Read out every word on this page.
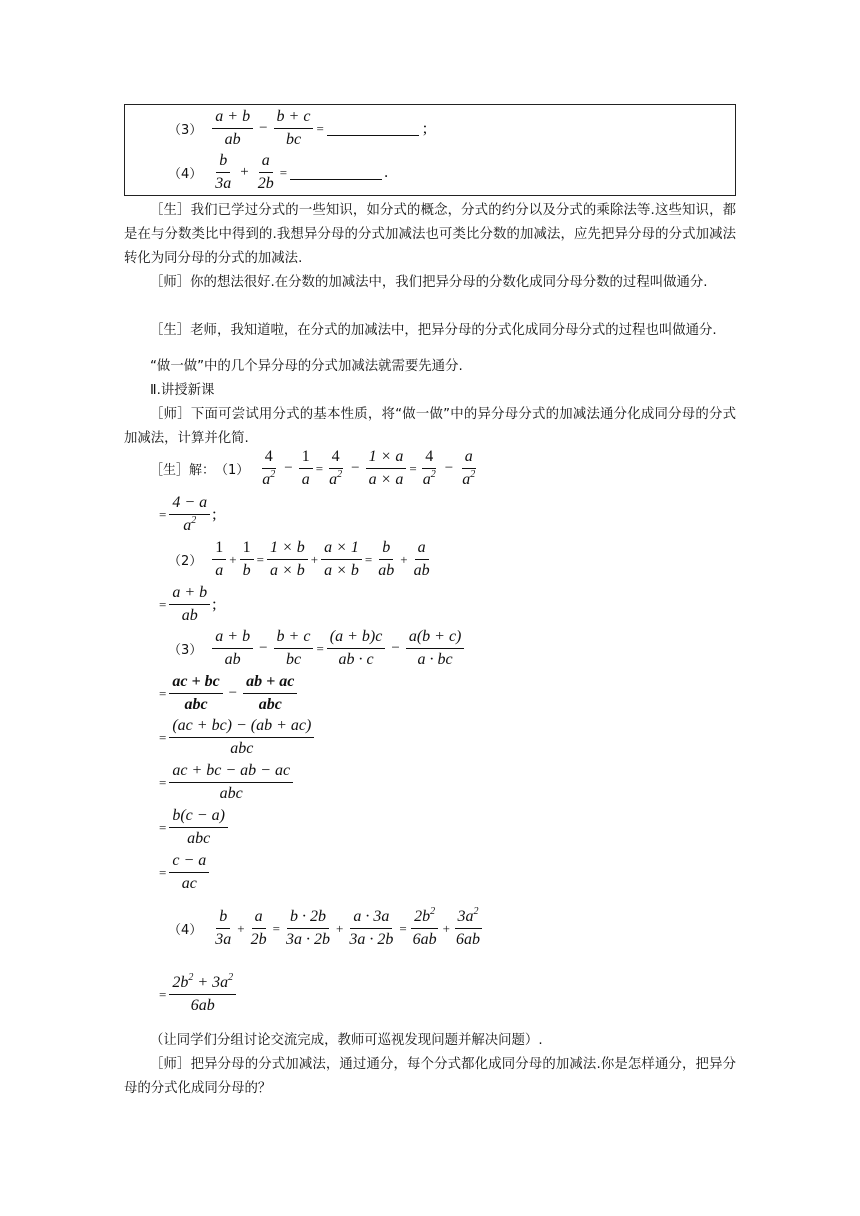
$(3) \frac{a + b}{ab} - \frac{b + c}{bc}$ =	;
$(4) \frac{b}{3a} + \frac{a}{2b}$ =	.
［生］我们已学过分式的一些知识，如分式的概念，分式的约分以及分式的乘除法等.这些知识，都是在与分数类比中得到的.我想异分母的分式加减法也可类比分数的加减法，应先把异分母的分式加减法转化为同分母的分式的加减法.
［师］你的想法很好.在分数的加减法中，我们把异分母的分数化成同分母分数的过程叫做通分.
［生］老师，我知道啦，在分式的加减法中，把异分母的分式化成同分母分式的过程也叫做通分.
“做一做”中的几个异分母的分式加减法就需要先通分.
Ⅱ.讲授新课
［师］下面可尝试用分式的基本性质，将“做一做”中的异分母分式的加减法通分化成同分母的分式加减法，计算并化简.
［生］解： $(1) \frac{4}{a^2} - \frac{1}{a} = \frac{4}{a^2} - \frac{1 \times a}{a \times a} = \frac{4}{a^2} - \frac{a}{a^2}$
= $\frac{4 - a}{a^2}$ ;
$(2) \frac{1}{a} + \frac{1}{b} = \frac{1 \times b}{a \times b} + \frac{a \times 1}{a \times b} = \frac{b}{ab} + \frac{a}{ab}$
= $\frac{a + b}{ab}$ ;
$(3) \frac{a + b}{ab} - \frac{b + c}{bc} = \frac{(a + b)c}{ab \cdot c} - \frac{a(b + c)}{a \cdot bc}$
= $\frac{ac + bc}{\text{abc}} - \frac{ab + ac}{\text{abc}}$
= $\frac{(ac + bc) - (ab + ac)}{\text{abc}}$
= $\frac{ac + bc - ab - ac}{\text{abc}}$
= $\frac{b(c - a)}{\text{abc}}$
= $\frac{c - a}{ac}$
$(4) \frac{b}{3a} + \frac{a}{2b} = \frac{b \cdot 2b}{3a \cdot 2b} + \frac{a \cdot 3a}{3a \cdot 2b} = \frac{2b^2}{6ab} + \frac{3a^2}{6ab}$
= $\frac{2b^2 + 3a^2}{6ab}$
（让同学们分组讨论交流完成，教师可巡视发现问题并解决问题）.
［师］把异分母的分式加减法，通过通分，每个分式都化成同分母的加减法.你是怎样通分，把异分母的分式化成同分母的？
